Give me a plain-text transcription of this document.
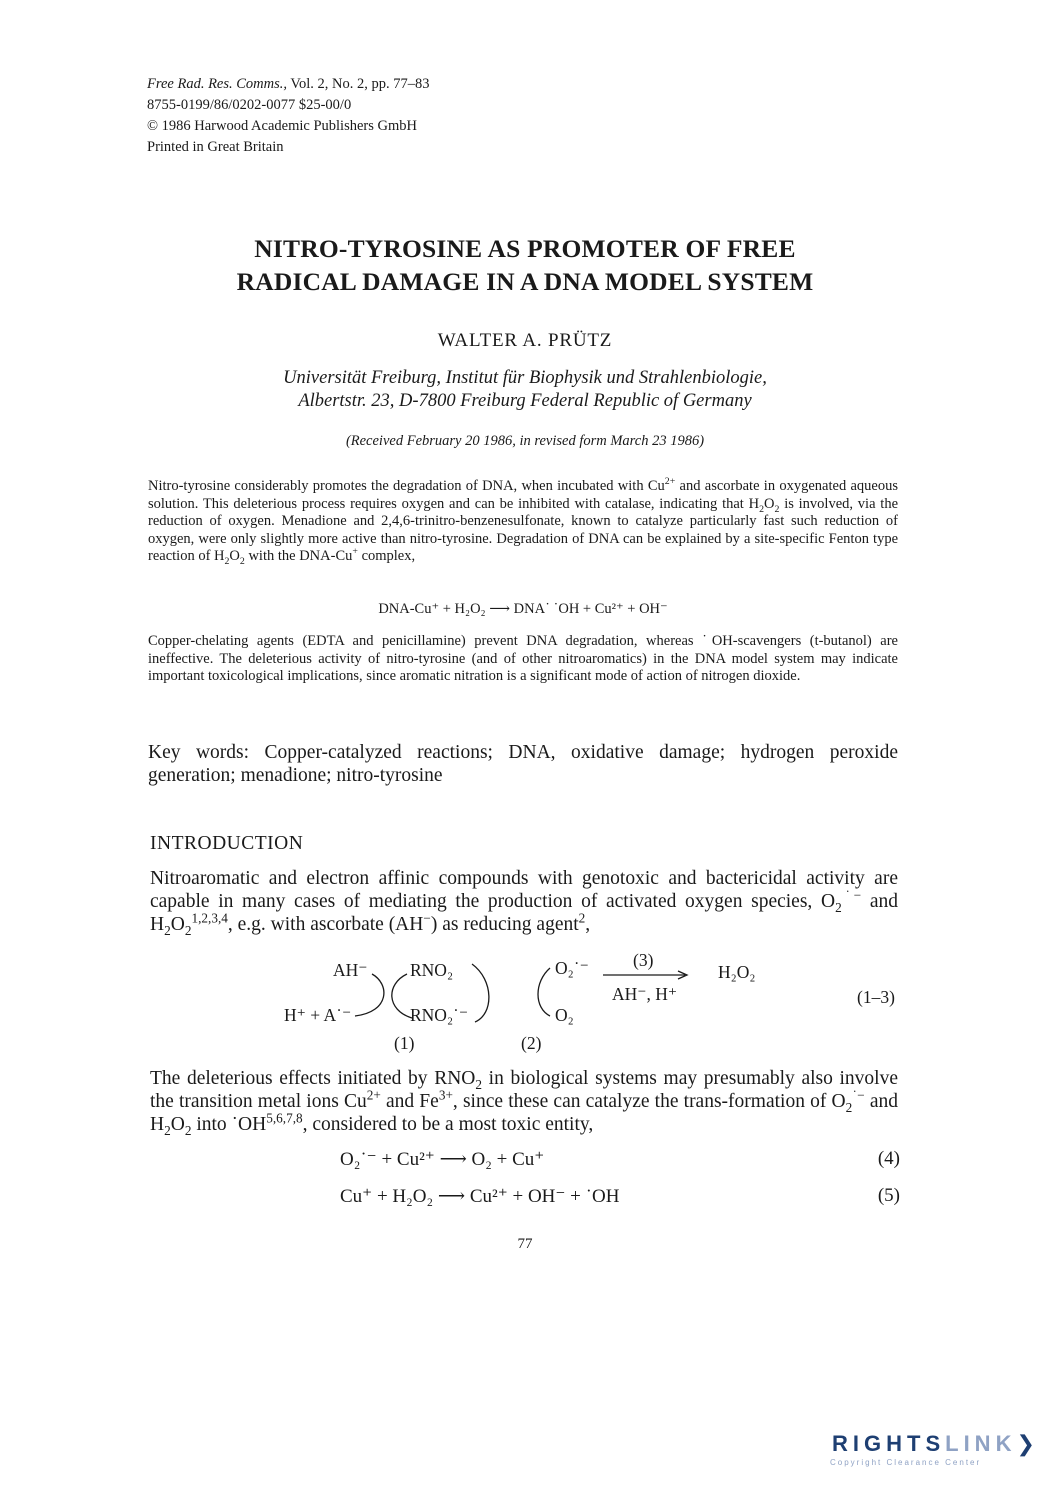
Free Rad. Res. Comms., Vol. 2, No. 2, pp. 77–83
8755-0199/86/0202-0077 $25-00/0
© 1986 Harwood Academic Publishers GmbH
Printed in Great Britain
NITRO-TYROSINE AS PROMOTER OF FREE
RADICAL DAMAGE IN A DNA MODEL SYSTEM
WALTER A. PRÜTZ
Universität Freiburg, Institut für Biophysik und Strahlenbiologie,
Albertstr. 23, D-7800 Freiburg Federal Republic of Germany
(Received February 20 1986, in revised form March 23 1986)

Nitro-tyrosine considerably promotes the degradation of DNA, when incubated with $Cu^{2+}$ and ascorbate in oxygenated aqueous solution. This deleterious process requires oxygen and can be inhibited with catalase, indicating that $H_2O_2$ is involved, via the reduction of oxygen. Menadione and 2,4,6-trinitro-benzenesulfonate, known to catalyze particularly fast such reduction of oxygen, were only slightly more active than nitro-tyrosine. Degradation of DNA can be explained by a site-specific Fenton type reaction of $H_2O_2$ with the DNA-Cu+ complex,

DNA-Cu⁺ + H₂O₂ ⟶ DNA˙ ˙OH + Cu²⁺ + OH⁻
Copper-chelating agents (EDTA and penicillamine) prevent DNA degradation, whereas ˙OH-scavengers (t-butanol) are ineffective. The deleterious activity of nitro-tyrosine (and of other nitroaromatics) in the DNA model system may indicate important toxicological implications, since aromatic nitration is a significant mode of action of nitrogen dioxide.
Key words: Copper-catalyzed reactions; DNA, oxidative damage; hydrogen peroxide generation; menadione; nitro-tyrosine
INTRODUCTION
Nitroaromatic and electron affinic compounds with genotoxic and bactericidal activity are capable in many cases of mediating the production of activated oxygen species, $O_2^{˙-}$ and $H_2O_2^{1,2,3,4}$, e.g. with ascorbate (AH−) as reducing agent$^2$,
AH⁻
H⁺ + A˙⁻
RNO₂
RNO₂˙⁻
O₂˙⁻
O₂
(3)
AH⁻, H⁺
H₂O₂
(1)	(2)
(1–3)
The deleterious effects initiated by $RNO_2$ in biological systems may presumably also involve the transition metal ions $Cu^{2+}$ and $Fe^{3+}$, since these can catalyze the trans-formation of $O_2^{˙-}$ and $H_2O_2$ into ˙OH$^{5,6,7,8}$, considered to be a most toxic entity,
O₂˙⁻ + Cu²⁺ ⟶ O₂ + Cu⁺	(4)
Cu⁺ + H₂O₂ ⟶ Cu²⁺ + OH⁻ + ˙OH	(5)
77
RIGHTSLINK❯
Copyright Clearance Center
